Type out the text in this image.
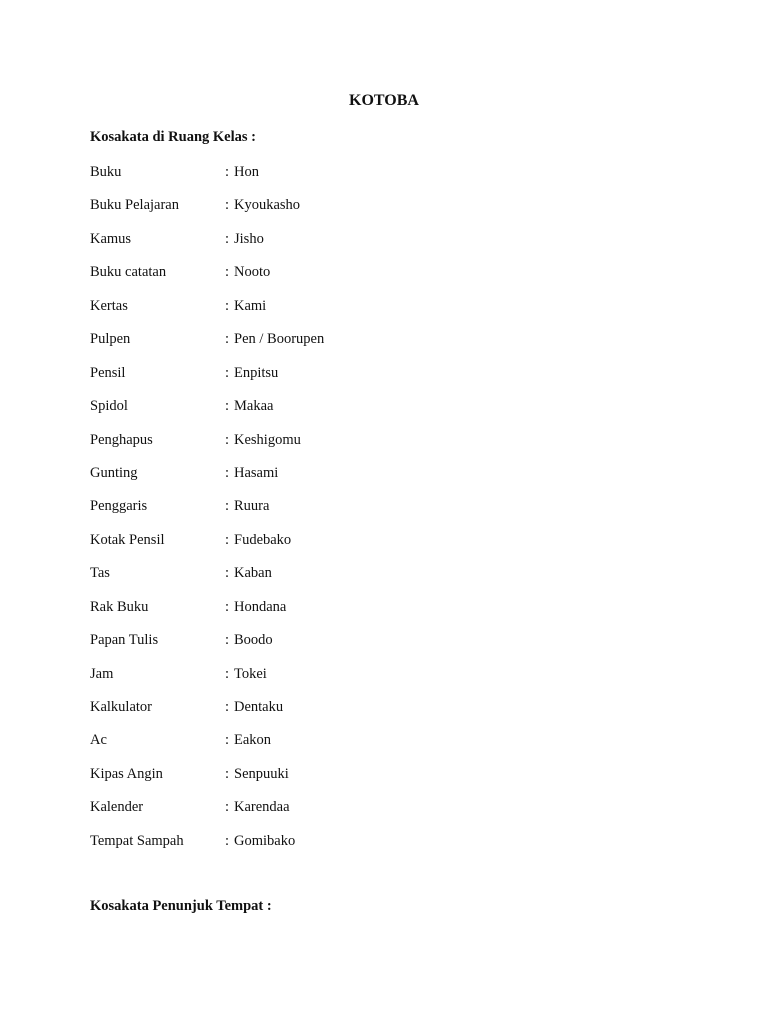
KOTOBA
Kosakata di Ruang Kelas :
Buku	: Hon
Buku Pelajaran	: Kyoukasho
Kamus	: Jisho
Buku catatan	: Nooto
Kertas	: Kami
Pulpen	: Pen / Boorupen
Pensil	: Enpitsu
Spidol	: Makaa
Penghapus	: Keshigomu
Gunting	: Hasami
Penggaris	: Ruura
Kotak Pensil	: Fudebako
Tas	: Kaban
Rak Buku	: Hondana
Papan Tulis	: Boodo
Jam	: Tokei
Kalkulator	: Dentaku
Ac	: Eakon
Kipas Angin	: Senpuuki
Kalender	: Karendaa
Tempat Sampah	: Gomibako
Kosakata Penunjuk Tempat :
